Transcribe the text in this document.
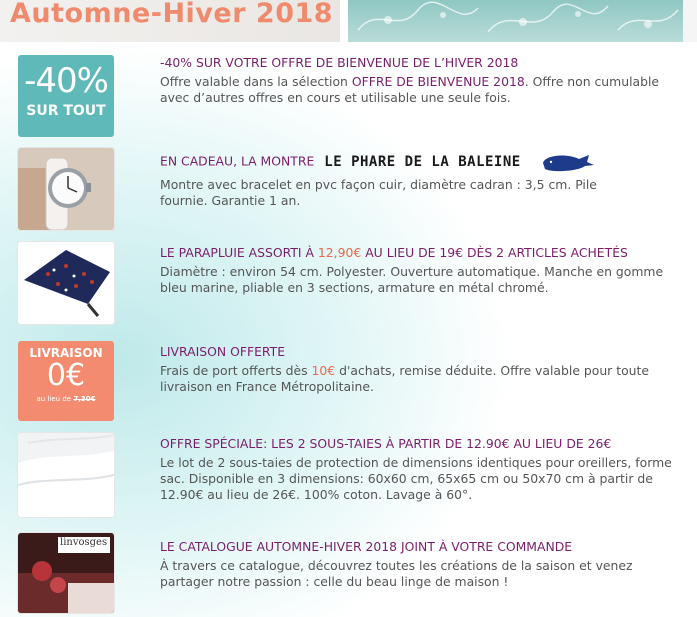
Automne-Hiver 2018
-40%
SUR TOUT

-40% SUR VOTRE OFFRE DE BIENVENUE DE L’HIVER 2018

Offre valable dans la sélection OFFRE DE BIENVENUE 2018. Offre non cumulable avec d’autres offres en cours et utilisable une seule fois.

EN CADEAU, LA MONTRE LE PHARE DE LA BALEINE

Montre avec bracelet en pvc façon cuir, diamètre cadran : 3,5 cm. Pile fournie. Garantie 1 an.

LE PARAPLUIE ASSORTI À 12,90€ AU LIEU DE 19€ DÈS 2 ARTICLES ACHETÉS

Diamètre : environ 54 cm. Polyester. Ouverture automatique. Manche en gomme bleu marine, pliable en 3 sections, armature en métal chromé.

LIVRAISON
0€
au lieu de 7,30€

LIVRAISON OFFERTE

Frais de port offerts dès 10€ d'achats, remise déduite. Offre valable pour toute livraison en France Métropolitaine.

OFFRE SPÉCIALE: LES 2 SOUS-TAIES À PARTIR DE 12.90€ AU LIEU DE 26€

Le lot de 2 sous-taies de protection de dimensions identiques pour oreillers, forme sac. Disponible en 3 dimensions: 60x60 cm, 65x65 cm ou 50x70 cm à partir de 12.90€ au lieu de 26€. 100% coton. Lavage à 60°.

linvosges	LE CATALOGUE AUTOMNE-HIVER 2018 JOINT À VOTRE COMMANDE

À travers ce catalogue, découvrez toutes les créations de la saison et venez partager notre passion : celle du beau linge de maison !
